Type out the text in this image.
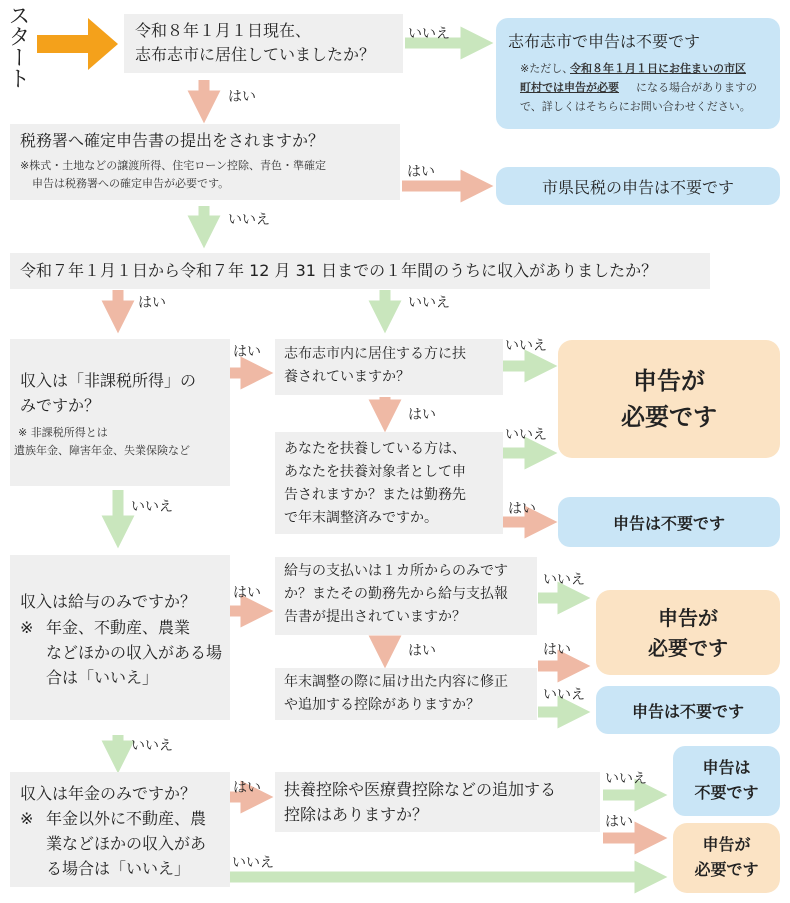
スタート	令和８年１月１日現在、
志布志市に居住していましたか？
志布志市で申告は不要です
※ただし、
令和８年１月１日にお住まいの市区
町村では申告が必要 になる場合がありますの
で、詳しくはそちらにお問い合わせください。
いいえ
はい
税務署へ確定申告書の提出をされますか？
※株式・土地などの譲渡所得、住宅ローン控除、青色・準確定
申告は税務署への確定申告が必要です。
はい
市県民税の申告は不要です
いいえ
令和７年１月１日から令和７年 12 月 31 日までの１年間のうちに収入がありましたか？
はい	いいえ
収入は「非課税所得」の
みですか？
※ 非課税所得とは
遺族年金、障害年金、失業保険など
はい 志布志市内に居住する方に扶
養されていますか？
いいえ
はい
あなたを扶養している方は、
あなたを扶養対象者として申
告されますか？または勤務先
で年末調整済みですか。
いいえ
はい
申告が
必要です
申告は不要です
いいえ
収入は給与のみですか？
※ 年金、不動産、農業
などほかの収入がある場
合は「いいえ」
はい
給与の支払いは１カ所からのみです
か？またその勤務先から給与支払報
告書が提出されていますか？
いいえ
はい
年末調整の際に届け出た内容に修正
や追加する控除がありますか？
はい
いいえ
申告が
必要です
申告は不要です
いいえ
収入は年金のみですか？
※ 年金以外に不動産、農
業などほかの収入があ
る場合は「いいえ」
はい
いいえ
扶養控除や医療費控除などの追加する
控除はありますか？
いいえ
はい
申告は
不要です
申告が
必要です
